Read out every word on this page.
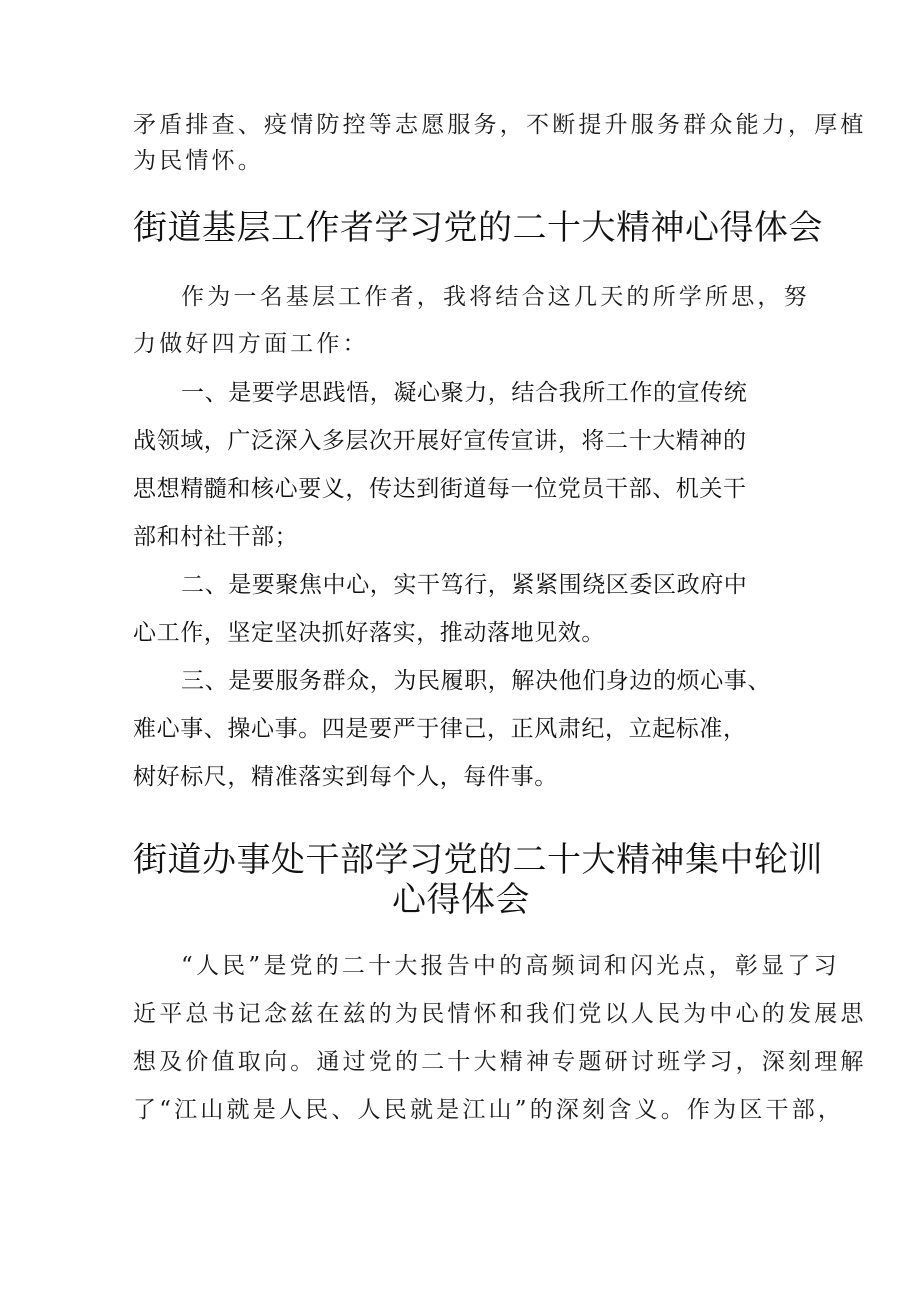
矛盾排查、疫情防控等志愿服务，不断提升服务群众能力，厚植
为民情怀。
街道基层工作者学习党的二十大精神心得体会
作为一名基层工作者，我将结合这几天的所学所思，努
力做好四方面工作：
一、是要学思践悟，凝心聚力，结合我所工作的宣传统
战领域，广泛深入多层次开展好宣传宣讲，将二十大精神的
思想精髓和核心要义，传达到街道每一位党员干部、机关干
部和村社干部；
二、是要聚焦中心，实干笃行，紧紧围绕区委区政府中
心工作，坚定坚决抓好落实，推动落地见效。
三、是要服务群众，为民履职，解决他们身边的烦心事、
难心事、操心事。四是要严于律己，正风肃纪，立起标准，
树好标尺，精准落实到每个人，每件事。
街道办事处干部学习党的二十大精神集中轮训
心得体会
“人民”是党的二十大报告中的高频词和闪光点，彰显了习
近平总书记念兹在兹的为民情怀和我们党以人民为中心的发展思
想及价值取向。通过党的二十大精神专题研讨班学习，深刻理解
了“江山就是人民、人民就是江山”的深刻含义。作为区干部，
